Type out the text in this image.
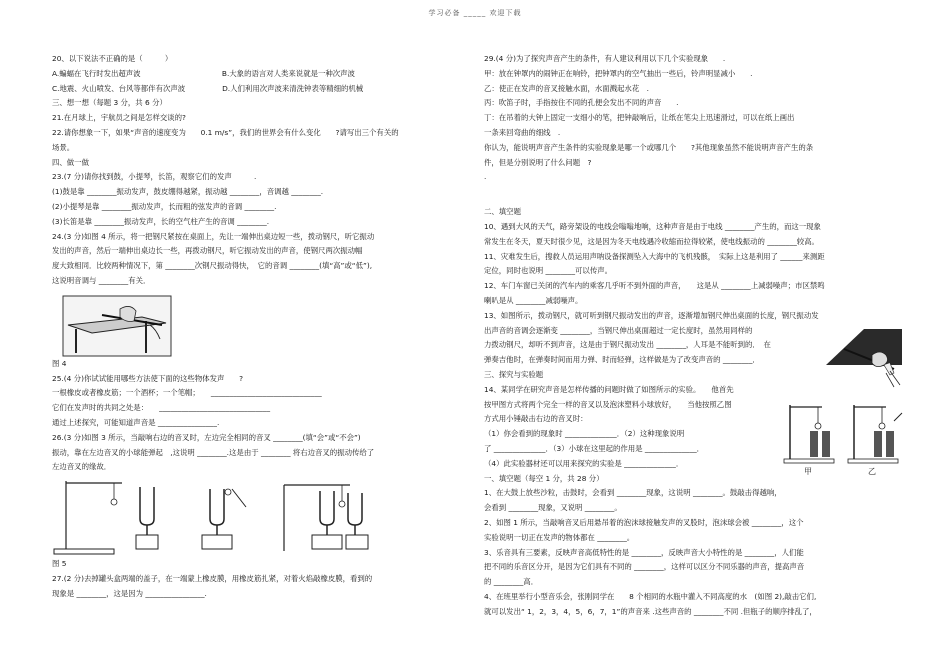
学习必备 _____ 欢迎下载
20、以下说法不正确的是（　　　）
A.蝙蝠在飞行时发出超声波　　　　　　　　　　　B.大象的语言对人类来说就是一种次声波
C.地震、火山喷发、台风等都伴有次声波　　　　　D.人们利用次声波来清洗钟表等精细的机械
三、想一想（每题 3 分，共 6 分）
21.在月球上，宇航员之间是怎样交谈的?
22.请你想象一下，如果“声音的速度变为　　0.1 m/s”，我们的世界会有什么变化　　?请写出三个有关的
场景。
四、做一做
23.(7 分)请你找到鼓，小提琴，长笛，观察它们的发声　　　.
(1)鼓是靠 ________振动发声，鼓皮绷得越紧，振动越 ________，音调越 ________.
(2)小提琴是靠 ________振动发声，长而粗的弦发声的音调 ________.
(3)长笛是靠 ________振动发声，长的空气柱产生的音调 ________.
24.(3 分)如图 4 所示，将一把钢尺紧按在桌面上，先让一端伸出桌边短一些，拨动钢尺，听它振动
发出的声音，然后一端伸出桌边长一些，再拨动钢尺，听它振动发出的声音，使钢尺两次振动幅
度大致相同．比较两种情况下，第 ________次钢尺振动得快，　它的音调 ________(填“高”或“低”),
这说明音调与 ________有关．
图 4
25.(4 分)你试试能用哪些方法使下面的这些物体发声　　?
一根橡皮或者橡皮筋；一个酒杯；一个笔帽；　　______________________________
它们在发声时的共同之处是：　　______________________________
通过上述探究，可能知道声音是 ________________.
26.(3 分)如图 3 所示，当敲响右边的音叉时，左边完全相同的音叉 ________(填“会”或“不会”)
振动，靠在左边音叉的小球能弹起　,这说明 ________.这是由于 ________ 将右边音叉的振动传给了
左边音叉的缘故．
图 5
27.(2 分)去掉罐头盒两端的盖子，在一端蒙上橡皮膜，用橡皮筋扎紧，对着火焰敲橡皮膜，看到的
现象是 ________，这是因为 ________________.
29.(4 分)为了探究声音产生的条件，有人建议利用以下几个实验现象　　.
甲：放在钟罩内的闹钟正在响铃，把钟罩内的空气抽出一些后，铃声明显减小　　.
乙：使正在发声的音叉接触水面，水面溅起水花　.
丙：吹笛子时，手指按住不同的孔便会发出不同的声音　　.
丁：在吊着的大钟上固定一支细小的笔，把钟敲响后，让纸在笔尖上迅速滑过，可以在纸上画出
一条来回弯曲的细线　.
你认为，能说明声音产生条件的实验现象是哪一个或哪几个　　?其他现象虽然不能说明声音产生的条
件，但是分别说明了什么问题　?
.
二、填空题
10、遇到大风的天气，路旁架设的电线会嗡嗡地响，这种声音是由于电线 ________产生的，而这一现象
常发生在冬天，夏天时很少见，这是因为冬天电线遇冷收缩而拉得较紧，使电线振动的 ________较高。
11、灾难发生后，搜救人员运用声呐设备探测坠入大海中的飞机残骸，　实际上这是利用了 ______来测距
定位，同时也说明 ________可以传声。
12、车门车窗已关闭的汽车内的乘客几乎听不到外面的声音，　　这是从 ________上减弱噪声；市区禁鸣
喇叭是从 ________减弱噪声。
13、如图所示，拨动钢尺，就可听到钢尺振动发出的声音，逐渐增加钢尺伸出桌面的长度，钢尺振动发
出声音的音调会逐渐变 ________，当钢尺伸出桌面超过一定长度时，虽然用同样的
力拨动钢尺，却听不到声音，这是由于钢尺振动发出 ________，人耳是不能听到的．　在
弹奏吉他时，在弹奏时间而用力弹、时而轻弹，这样做是为了改变声音的 ________．
三、探究与实验题
14、某同学在研究声音是怎样传播的问题时做了如图所示的实验。　　他首先
按甲图方式将两个完全一样的音叉以及泡沫塑料小球放好，　　当他按照乙图
方式用小锤敲击右边的音叉时：
（1）你会看到的现象时 ______________．（2）这种现象说明
了 ______________．（3）小球在这里起的作用是 ______________．
（4）此实验器材还可以用来探究的实验是 ______________．
甲	乙
一、填空题（每空 1 分，共 28 分）
1、在大鼓上放些沙粒，击鼓时，会看到 ________现象，这说明 ________。鼓敲击得越响，
会看到 ________现象，又说明 ________。
2、如图 1 所示，当敲响音叉后用悬吊着的泡沫球接触发声的叉股时，泡沫球会被 ________，这个
实验说明一切正在发声的物体都在 ________。
3、乐音具有三要素，反映声音高低特性的是 ________，反映声音大小特性的是 ________，人们能
把不同的乐音区分开，是因为它们具有不同的 ________，这样可以区分不同乐器的声音，提高声音
的 ________高．
4、在班里举行小型音乐会，张刚同学在　　8 个相同的水瓶中灌入不同高度的水　(如图 2),敲击它们,
就可以发出“ 1，2，3，4，5，6，7，1”的声音来 .这些声音的 ________不同 .但瓶子的顺序排乱了，
